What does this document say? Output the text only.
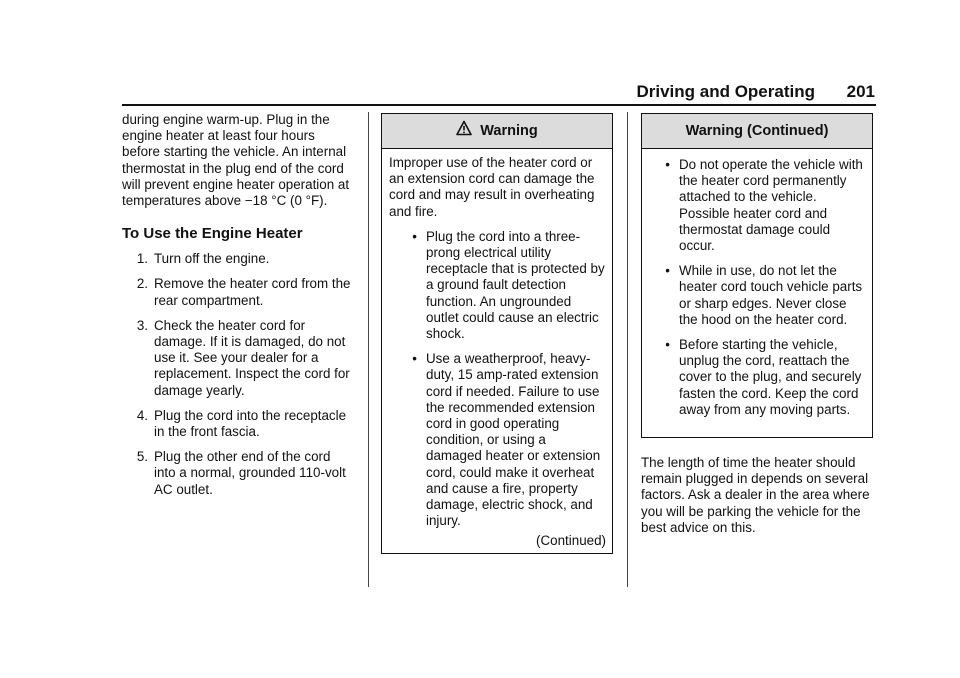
Driving and Operating 201

during engine warm-up. Plug in the engine heater at least four hours before starting the vehicle. An internal thermostat in the plug end of the cord will prevent engine heater operation at temperatures above −18 °C (0 °F).

To Use the Engine Heater
1. Turn off the engine.
2. Remove the heater cord from the rear compartment.
3. Check the heater cord for damage. If it is damaged, do not use it. See your dealer for a replacement. Inspect the cord for damage yearly.
4. Plug the cord into the receptacle in the front fascia.
5. Plug the other end of the cord into a normal, grounded 110-volt AC outlet.
Warning

Improper use of the heater cord or an extension cord can damage the cord and may result in overheating and fire.

• Plug the cord into a three-prong electrical utility receptacle that is protected by a ground fault detection function. An ungrounded outlet could cause an electric shock.
• Use a weatherproof, heavy-duty, 15 amp-rated extension cord if needed. Failure to use the recommended extension cord in good operating condition, or using a damaged heater or extension cord, could make it overheat and cause a fire, property damage, electric shock, and injury.
(Continued)
Warning (Continued)
• Do not operate the vehicle with the heater cord permanently attached to the vehicle. Possible heater cord and thermostat damage could occur.
• While in use, do not let the heater cord touch vehicle parts or sharp edges. Never close the hood on the heater cord.
• Before starting the vehicle, unplug the cord, reattach the cover to the plug, and securely fasten the cord. Keep the cord away from any moving parts.

The length of time the heater should remain plugged in depends on several factors. Ask a dealer in the area where you will be parking the vehicle for the best advice on this.
